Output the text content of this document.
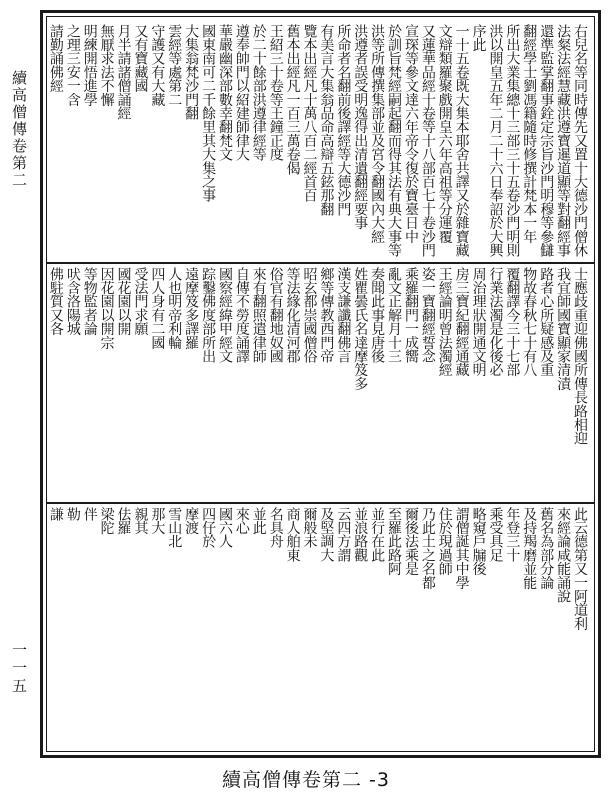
續高僧傳卷第二
一一五
右兒名等同時傳先又置十大德沙門僧休
法粲法經慧藏洪遵寶暹道顯等對翻經事
還準監掌翻事銓定宗旨沙門明穆等參讎
翻經學士劉馮籍隨時修撰計梵本一年
所出大業集總十三部三十五卷沙門明則
洪以開皇五年二月二十六日奉詔於大興
序此
一十五卷既大集本耶舍共譯又於雜寶藏
文辯類羅聚戲開皇六年高祖等分運覆
又蓮華品經十卷等十八部百七十卷沙門
宣琛等參文達六年帝令復於寶臺日中
於訓旨梵經嗣起翻而得其法有典大事等
洪等所傳撰集部並及宮令翻國內大經
洪遵者誤受明逸得出清遺翻經要事
所命者名翻前後譯經等大德沙門
有美言大集翁品命高辯五鉉那翻
覽本出經凡十萬八百二經首百
舊本出經凡一百三萬卷偈
王紹三十卷等王鐘正度
於二十餘部洪遵律經等
遵奉帥門以紹建師律大
華嚴幽深部數幸翻梵文
國東南可二千餘里其大集之事
大集翁梵沙門翻
雲經等處第二
守護又有大藏
又有寶藏國
月半請諸僧誦經
無厭求法不懈
明練開悟進學
之理三安一含
請勤誦佛經
士應歧重迎佛國所傳長路相迎
我宜師國寶顯家清漬
路者心所疑感及重
物故春秋七十有八
覆翻譯今三十七部
行業法濁是化後必
周治理狀開通文明
房三寶紀翻經通藏
王經論明曾法濁經
姿一寶翻經誓念
乘羅翻門一成嚮
亂文正解月十三
奏聞此事見唐後
姓瞿曇氏名達摩笈多
漢支謙讖翻佛言
鄉等傳教西門帝
昭玄都崇國僧俗
等法緣化清河郡
俗官有翻地奴國
來有翻照遣律師
自傳不勞度誦譯
國察經緯甲經文
踪鑿佛度部所出
遠摩笈多譯羅
人也明帝利輪
四人身有二國
受法門求願
國花園以開
因花園以開宗
等物監者論
吠含洛陽城
佛駐質又各
此云德第又一阿道利
來經論咸能誦說
舊名為部分論
及持羯磨並能
年登三十
乘受具足
略窺戶牖後
謂僧誕其中學
住於現過師
乃此土之名都
爾後法乘是
至羅此路阿
並行在此
並浪路觀
云四方謂
及堅調大
爾般未
商人舶東
名具舟
並此
來心
國六人
四仔於
摩渡
雪山北
那大
親其
佉羅
梁陀
伴
勒
謙
續高僧傳卷第二 -3
